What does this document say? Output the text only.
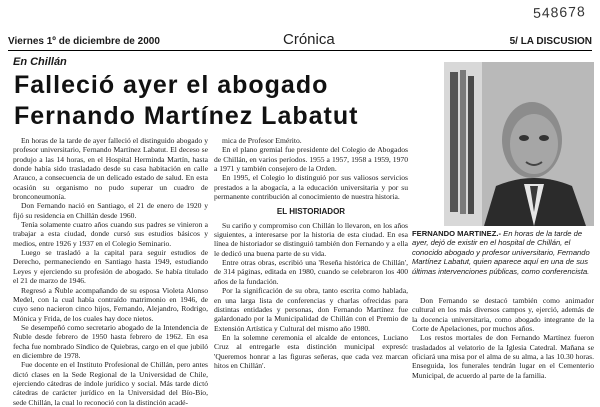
548678
Viernes 1º de diciembre de 2000	Crónica	5/ LA DISCUSION
En Chillán
Falleció ayer el abogado
Fernando Martínez Labatut

En horas de la tarde de ayer falleció el distinguido abogado y profesor universitario, Fernando Martínez Labatut. El deceso se produjo a las 14 horas, en el Hospital Herminda Martín, hasta donde había sido trasladado desde su casa habitación en calle Arauco, a consecuencia de un delicado estado de salud. En esta ocasión su organismo no pudo superar un cuadro de bronconeumonía.

Don Fernando nació en Santiago, el 21 de enero de 1920 y fijó su residencia en Chillán desde 1960.

Tenía solamente cuatro años cuando sus padres se vinieron a trabajar a esta ciudad, donde cursó sus estudios básicos y medios, entre 1926 y 1937 en el Colegio Seminario.

Luego se trasladó a la capital para seguir estudios de Derecho, permaneciendo en Santiago hasta 1949, estudiando Leyes y ejerciendo su profesión de abogado. Se había titulado el 21 de marzo de 1946.

Regresó a Ñuble acompañando de su esposa Violeta Alonso Medel, con la cual había contraído matrimonio en 1946, de cuyo seno nacieron cinco hijos, Fernando, Alejandro, Rodrigo, Mónica y Frida, de los cuales hay doce nietos.

Se desempeñó como secretario abogado de la Intendencia de Ñuble desde febrero de 1950 hasta febrero de 1962. En esa fecha fue nombrado Síndico de Quiebras, cargo en el que jubiló en diciembre de 1978.

Fue docente en el Instituto Profesional de Chillán, pero antes dictó clases en la Sede Regional de la Universidad de Chile, ejerciendo cátedras de índole jurídico y social. Más tarde dictó cátedras de carácter jurídico en la Universidad del Bío-Bío, sede Chillán, la cual lo reconoció con la distinción acadé-

mica de Profesor Emérito.

En el plano gremial fue presidente del Colegio de Abogados de Chillán, en varios períodos. 1955 a 1957, 1958 a 1959, 1970 a 1971 y también consejero de la Orden.

En 1995, el Colegio lo distinguió por sus valiosos servicios prestados a la abogacía, a la educación universitaria y por su permanente contribución al conocimiento de nuestra historia.

EL HISTORIADOR

Su cariño y compromiso con Chillán lo llevaron, en los años siguientes, a interesarse por la historia de esta ciudad. En esa línea de historiador se distinguió también don Fernando y a ella le dedicó una buena parte de su vida.

Entre otras obras, escribió una 'Reseña histórica de Chillán', de 314 páginas, editada en 1980, cuando se celebraron los 400 años de la fundación.

Por la significación de su obra, tanto escrita como hablada, en una larga lista de conferencias y charlas ofrecidas para distintas entidades y personas, don Fernando Martínez fue galardonado por la Municipalidad de Chillán con el Premio de Extensión Artística y Cultural del mismo año 1980.

En la solemne ceremonia el alcalde de entonces, Luciano Cruz al entregarle esta distinción municipal expresó: 'Queremos honrar a las figuras señeras, que cada vez marcan hitos en Chillán'.

FERNANDO MARTINEZ.- En horas de la tarde de ayer, dejó de existir en el hospital de Chillán, el conocido abogado y profesor universitario, Fernando Martínez Labatut, quien aparece aquí en una de sus últimas intervenciones públicas, como conferencista.

Don Fernando se destacó también como animador cultural en los más diversos campos y, ejerció, además de la docencia universitaria, como abogado integrante de la Corte de Apelaciones, por muchos años.

Los restos mortales de don Fernando Martínez fueron trasladados al velatorio de la Iglesia Catedral. Mañana se oficiará una misa por el alma de su alma, a las 10.30 horas. Enseguida, los funerales tendrán lugar en el Cementerio Municipal, de acuerdo al parte de la familia.
